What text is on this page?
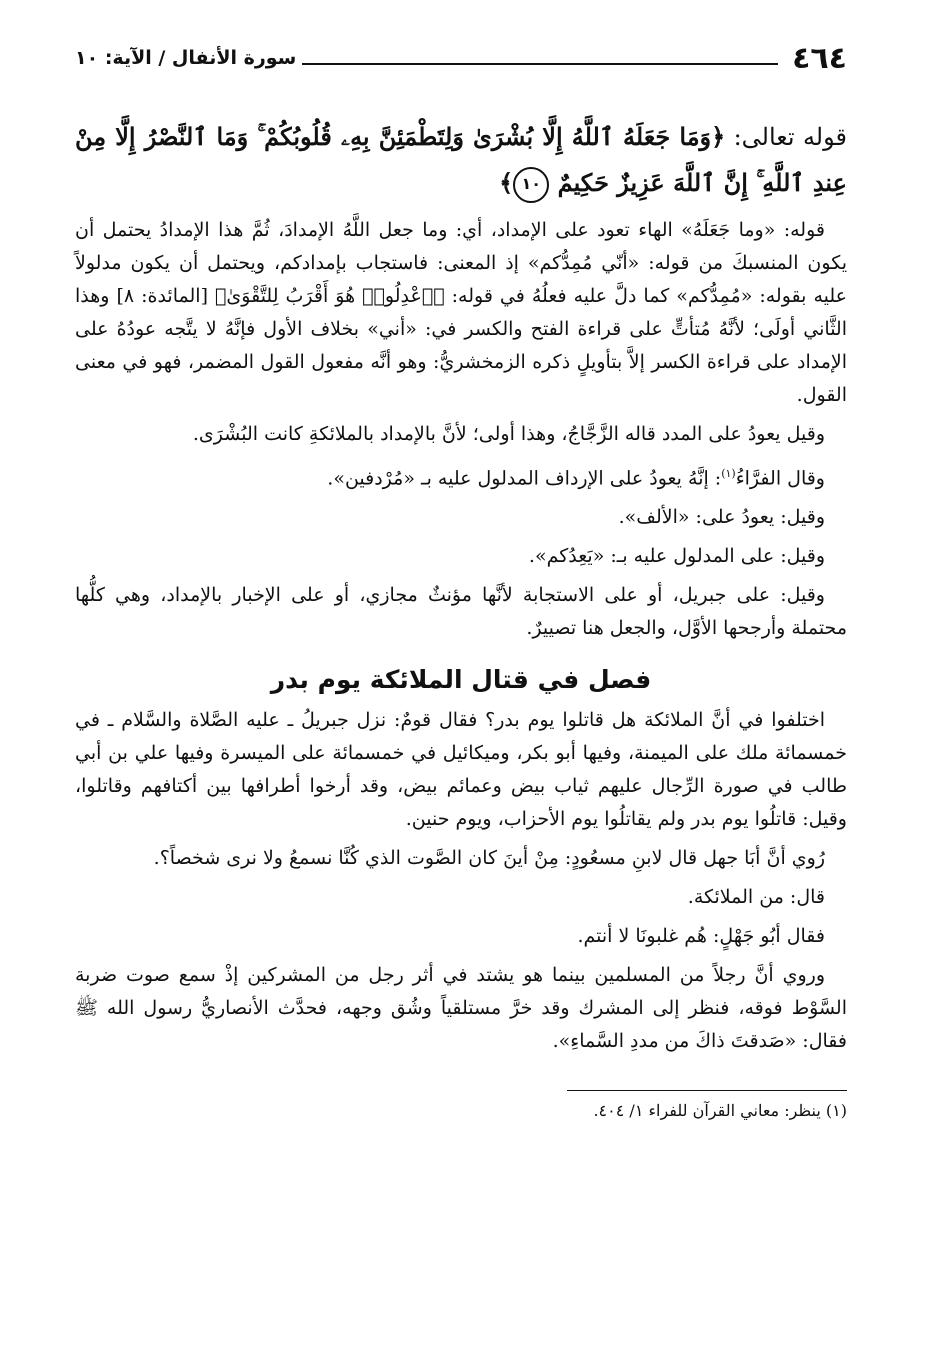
٤٦٤
سورة الأنفال / الآية: ١٠
قوله تعالى: ﴿وَمَا جَعَلَهُ ٱللَّهُ إِلَّا بُشْرَىٰ وَلِتَطْمَئِنَّ بِهِۦ قُلُوبُكُمْ ۚ وَمَا ٱلنَّصْرُ إِلَّا مِنْ عِندِ ٱللَّهِ ۚ إِنَّ ٱللَّهَ عَزِيزٌ حَكِيمٌ ١٠﴾

قوله: «وما جَعَلَهُ» الهاء تعود على الإمداد، أي: وما جعل اللَّهُ الإمدادَ، ثُمَّ هذا الإمدادُ يحتمل أن يكون المنسبكَ من قوله: «أنّي مُمِدُّكم» إذ المعنى: فاستجاب بإمدادكم، ويحتمل أن يكون مدلولاً عليه بقوله: «مُمِدُّكم» كما دلَّ عليه فعلُهُ في قوله: ﴿ٱعْدِلُوا۟ هُوَ أَقْرَبُ لِلتَّقْوَىٰ﴾ [المائدة: ٨] وهذا الثَّاني أولَى؛ لأنَّهُ مُتأتٍّ على قراءة الفتح والكسر في: «أني» بخلاف الأول فإنَّهُ لا يتَّجه عودُهُ على الإمداد على قراءة الكسر إلاَّ بتأويلٍ ذكره الزمخشريُّ: وهو أنَّه مفعول القول المضمر، فهو في معنى القول.

وقيل يعودُ على المدد قاله الزَّجَّاجُ، وهذا أولى؛ لأنَّ بالإمداد بالملائكةِ كانت البُشْرَى.

وقال الفرَّاءُ$^{(١)}$: إنَّهُ يعودُ على الإرداف المدلول عليه بـ «مُرْدفين».

وقيل: يعودُ على: «الألف».

وقيل: على المدلول عليه بـ: «يَعِدُكم».

وقيل: على جبريل، أو على الاستجابة لأنَّها مؤنثٌ مجازي، أو على الإخبار بالإمداد، وهي كلُّها محتملة وأرجحها الأوَّل، والجعل هنا تصييرٌ.

فصل في قتال الملائكة يوم بدر

اختلفوا في أنَّ الملائكة هل قاتلوا يوم بدر؟ فقال قومٌ: نزل جبريلُ ـ عليه الصَّلاة والسَّلام ـ في خمسمائة ملك على الميمنة، وفيها أبو بكر، وميكائيل في خمسمائة على الميسرة وفيها علي بن أبي طالب في صورة الرِّجال عليهم ثياب بيض وعمائم بيض، وقد أرخوا أطرافها بين أكتافهم وقاتلوا، وقيل: قاتلُوا يوم بدر ولم يقاتلُوا يوم الأحزاب، ويوم حنين.

رُوي أنَّ أبَا جهل قال لابنِ مسعُودٍ: مِنْ أينَ كان الصَّوت الذي كُنَّا نسمعُ ولا نرى شخصاً؟.

قال: من الملائكة.

فقال أبُو جَهْلٍ: هُم غلبونَا لا أنتم.

وروي أنَّ رجلاً من المسلمين بينما هو يشتد في أثر رجل من المشركين إذْ سمع صوت ضربة السَّوْط فوقه، فنظر إلى المشرك وقد خرَّ مستلقياً وشُق وجهه، فحدَّث الأنصاريُّ رسول الله ﷺ فقال: «صَدقتَ ذاكَ من مددِ السَّماءِ».

(١) ينظر: معاني القرآن للفراء ١/ ٤٠٤.
